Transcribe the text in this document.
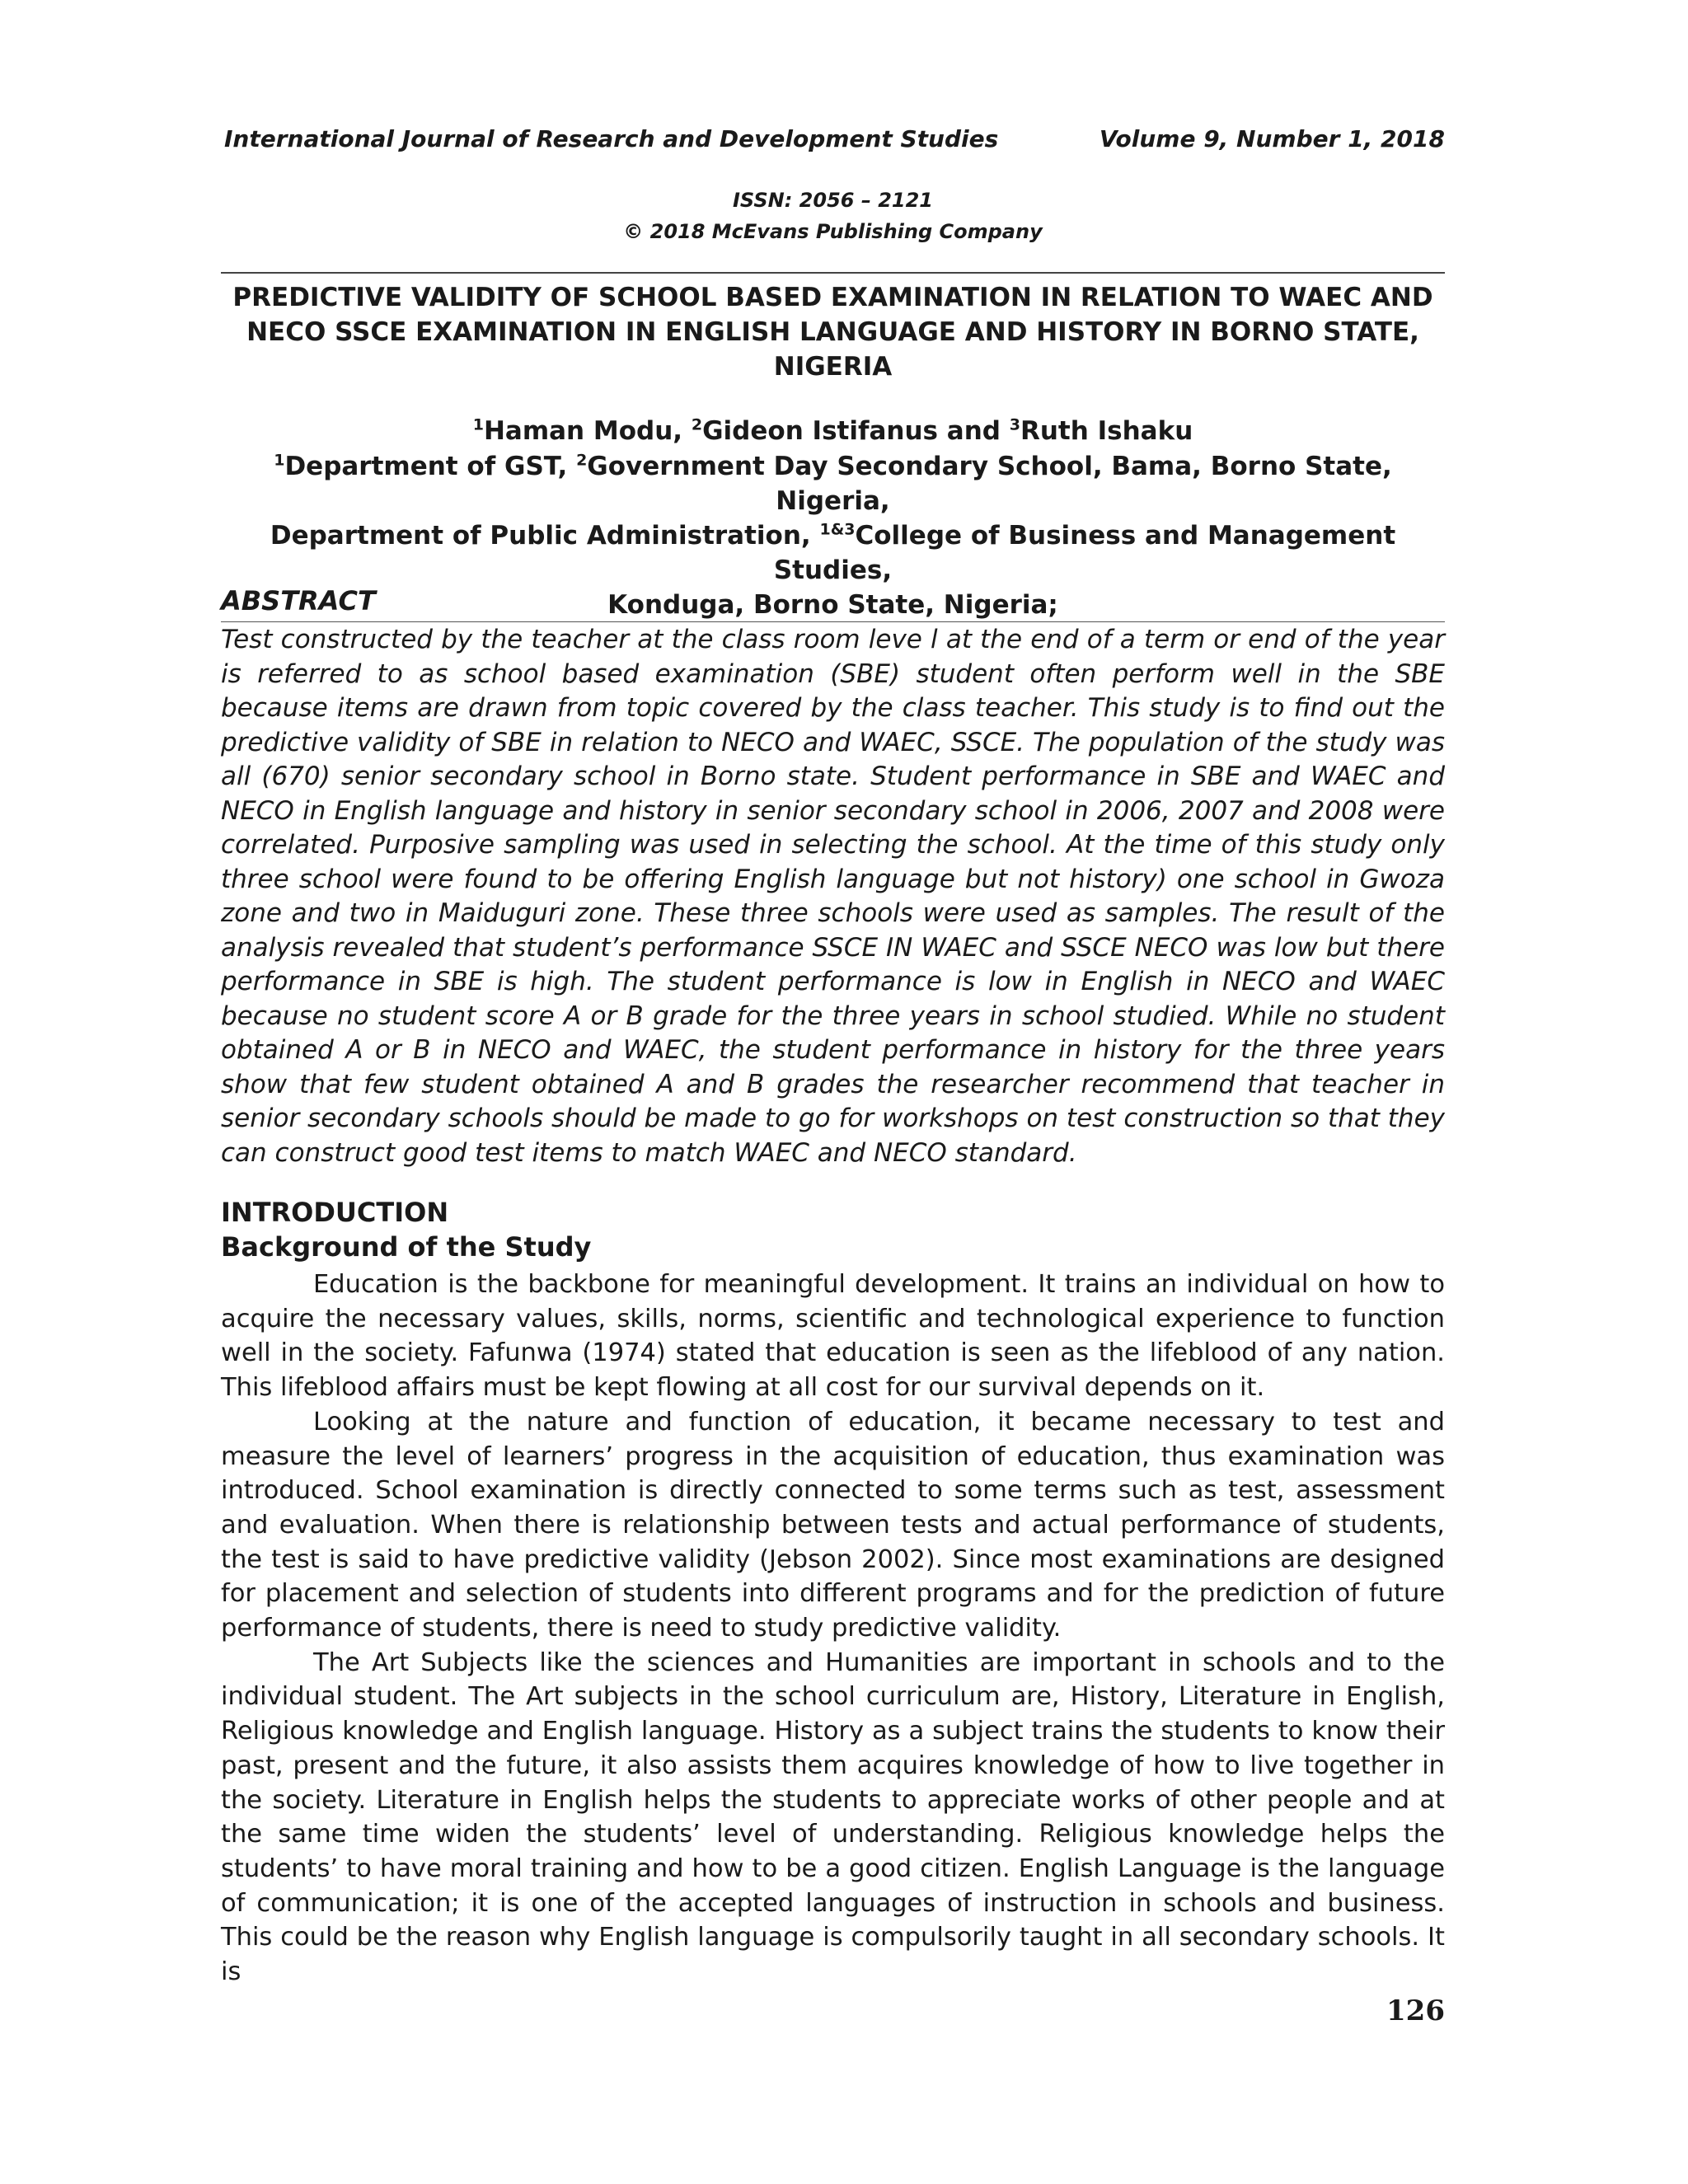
International Journal of Research and Development Studies	Volume 9, Number 1, 2018
ISSN: 2056 – 2121
© 2018 McEvans Publishing Company
PREDICTIVE VALIDITY OF SCHOOL BASED EXAMINATION IN RELATION TO WAEC AND NECO SSCE EXAMINATION IN ENGLISH LANGUAGE AND HISTORY IN BORNO STATE, NIGERIA
$^1$Haman Modu, $^2$Gideon Istifanus and $^3$Ruth Ishaku
$^1$Department of GST, $^2$Government Day Secondary School, Bama, Borno State, Nigeria,
Department of Public Administration, $^{1\&3}$College of Business and Management Studies,
Konduga, Borno State, Nigeria;
ABSTRACT

Test constructed by the teacher at the class room leve l at the end of a term or end of the year is referred to as school based examination (SBE) student often perform well in the SBE because items are drawn from topic covered by the class teacher. This study is to find out the predictive validity of SBE in relation to NECO and WAEC, SSCE. The population of the study was all (670) senior secondary school in Borno state. Student performance in SBE and WAEC and NECO in English language and history in senior secondary school in 2006, 2007 and 2008 were correlated. Purposive sampling was used in selecting the school. At the time of this study only three school were found to be offering English language but not history) one school in Gwoza zone and two in Maiduguri zone. These three schools were used as samples. The result of the analysis revealed that student’s performance SSCE IN WAEC and SSCE NECO was low but there performance in SBE is high. The student performance is low in English in NECO and WAEC because no student score A or B grade for the three years in school studied. While no student obtained A or B in NECO and WAEC, the student performance in history for the three years show that few student obtained A and B grades the researcher recommend that teacher in senior secondary schools should be made to go for workshops on test construction so that they can construct good test items to match WAEC and NECO standard.

INTRODUCTION
Background of the Study

Education is the backbone for meaningful development. It trains an individual on how to acquire the necessary values, skills, norms, scientific and technological experience to function well in the society. Fafunwa (1974) stated that education is seen as the lifeblood of any nation. This lifeblood affairs must be kept flowing at all cost for our survival depends on it.

Looking at the nature and function of education, it became necessary to test and measure the level of learners’ progress in the acquisition of education, thus examination was introduced. School examination is directly connected to some terms such as test, assessment and evaluation. When there is relationship between tests and actual performance of students, the test is said to have predictive validity (Jebson 2002). Since most examinations are designed for placement and selection of students into different programs and for the prediction of future performance of students, there is need to study predictive validity.

The Art Subjects like the sciences and Humanities are important in schools and to the individual student. The Art subjects in the school curriculum are, History, Literature in English, Religious knowledge and English language. History as a subject trains the students to know their past, present and the future, it also assists them acquires knowledge of how to live together in the society. Literature in English helps the students to appreciate works of other people and at the same time widen the students’ level of understanding. Religious knowledge helps the students’ to have moral training and how to be a good citizen. English Language is the language of communication; it is one of the accepted languages of instruction in schools and business. This could be the reason why English language is compulsorily taught in all secondary schools. It is

126
